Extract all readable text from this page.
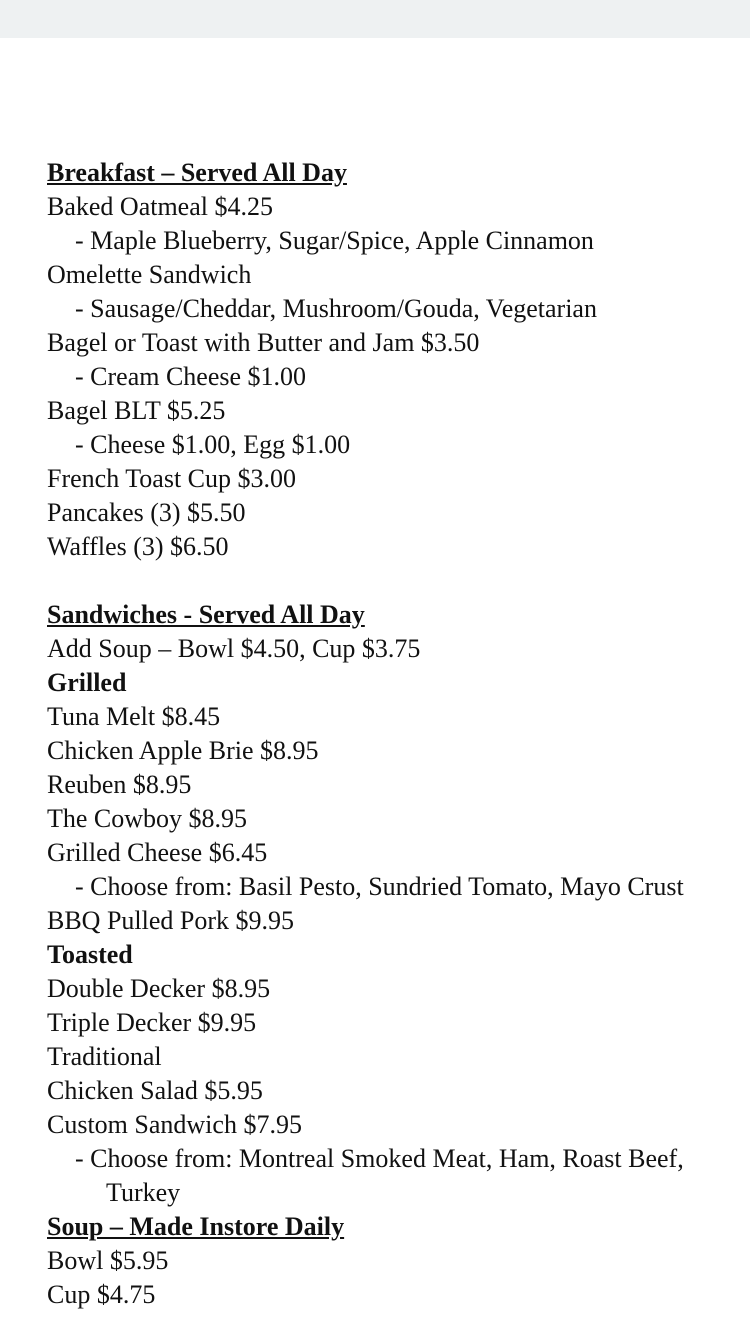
Breakfast – Served All Day
Baked Oatmeal $4.25
- Maple Blueberry, Sugar/Spice, Apple Cinnamon
Omelette Sandwich
- Sausage/Cheddar, Mushroom/Gouda, Vegetarian
Bagel or Toast with Butter and Jam $3.50
- Cream Cheese $1.00
Bagel BLT $5.25
- Cheese $1.00, Egg $1.00
French Toast Cup $3.00
Pancakes (3) $5.50
Waffles (3) $6.50
Sandwiches - Served All Day
Add Soup – Bowl $4.50, Cup $3.75
Grilled
Tuna Melt $8.45
Chicken Apple Brie $8.95
Reuben $8.95
The Cowboy $8.95
Grilled Cheese $6.45
- Choose from: Basil Pesto, Sundried Tomato, Mayo Crust
BBQ Pulled Pork $9.95
Toasted
Double Decker $8.95
Triple Decker $9.95
Traditional
Chicken Salad $5.95
Custom Sandwich $7.95
- Choose from: Montreal Smoked Meat, Ham, Roast Beef,
Turkey
Soup – Made Instore Daily
Bowl $5.95
Cup $4.75
